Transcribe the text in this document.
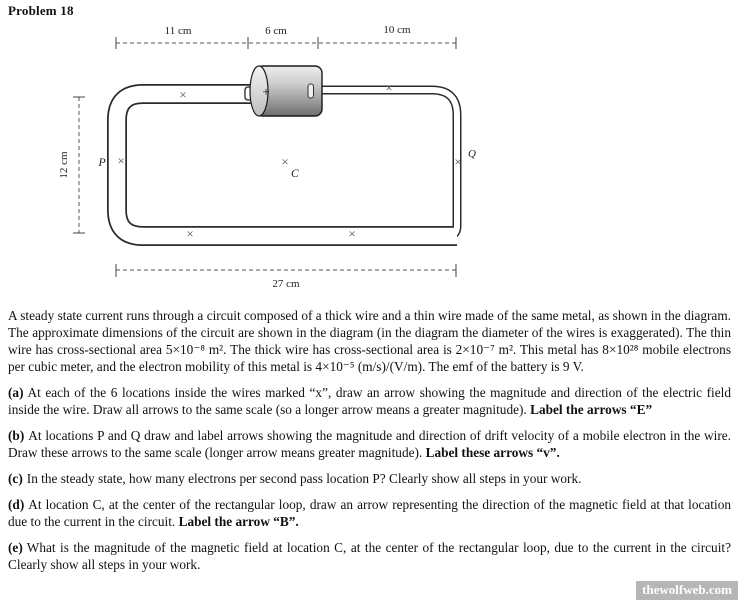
Problem 18
11 cm	6 cm	10 cm
12 cm
27 cm
+
×	×
×	×
×
×	×
P
Q
C

A steady state current runs through a circuit composed of a thick wire and a thin wire made of the same metal, as shown in the diagram. The approximate dimensions of the circuit are shown in the diagram (in the diagram the diameter of the wires is exaggerated). The thin wire has cross-sectional area 5×10⁻⁸ m². The thick wire has cross-sectional area is 2×10⁻⁷ m². This metal has 8×10²⁸ mobile electrons per cubic meter, and the electron mobility of this metal is 4×10⁻⁵ (m/s)/(V/m). The emf of the battery is 9 V.

(a) At each of the 6 locations inside the wires marked “x”, draw an arrow showing the magnitude and direction of the electric field inside the wire. Draw all arrows to the same scale (so a longer arrow means a greater magnitude). Label the arrows “E”

(b) At locations P and Q draw and label arrows showing the magnitude and direction of drift velocity of a mobile electron in the wire. Draw these arrows to the same scale (longer arrow means greater magnitude). Label these arrows “v”.

(c) In the steady state, how many electrons per second pass location P? Clearly show all steps in your work.

(d) At location C, at the center of the rectangular loop, draw an arrow representing the direction of the magnetic field at that location due to the current in the circuit. Label the arrow “B”.

(e) What is the magnitude of the magnetic field at location C, at the center of the rectangular loop, due to the current in the circuit? Clearly show all steps in your work.

thewolfweb.com
